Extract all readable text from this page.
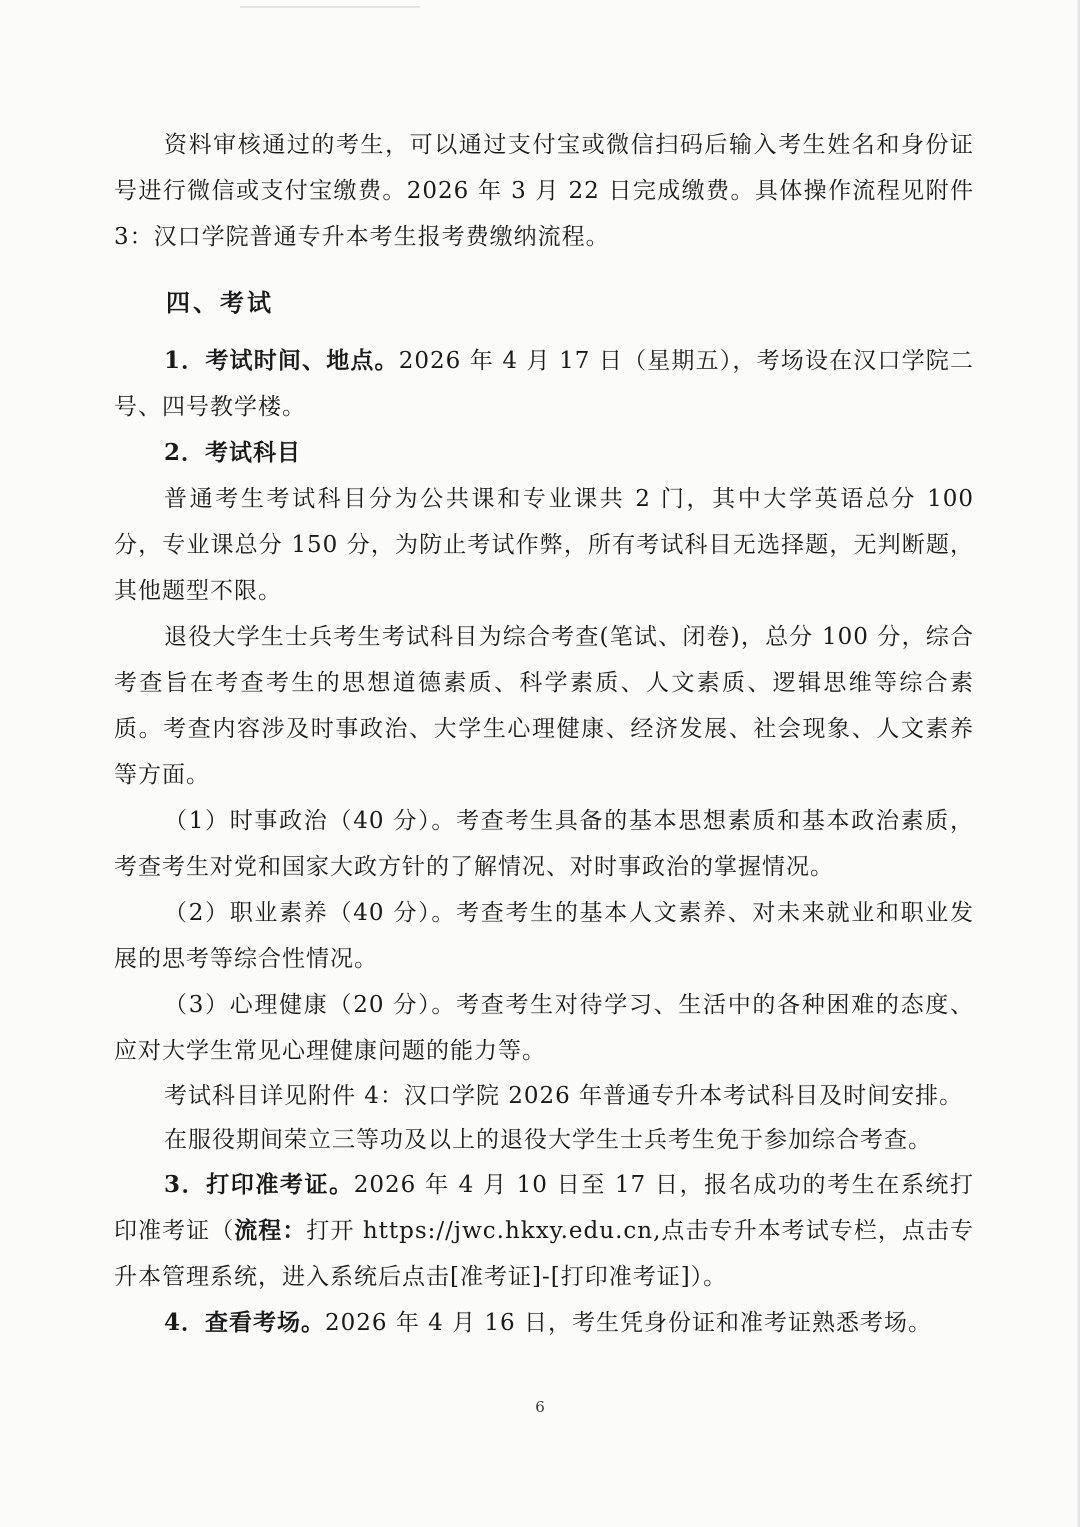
资料审核通过的考生，可以通过支付宝或微信扫码后输入考生姓名和身份证号进行微信或支付宝缴费。2026 年 3 月 22 日完成缴费。具体操作流程见附件 3：汉口学院普通专升本考生报考费缴纳流程。

四、考试

1．考试时间、地点。2026 年 4 月 17 日（星期五），考场设在汉口学院二号、四号教学楼。

2．考试科目

普通考生考试科目分为公共课和专业课共 2 门，其中大学英语总分 100 分，专业课总分 150 分，为防止考试作弊，所有考试科目无选择题，无判断题，其他题型不限。

退役大学生士兵考生考试科目为综合考查(笔试、闭卷)，总分 100 分，综合考查旨在考查考生的思想道德素质、科学素质、人文素质、逻辑思维等综合素质。考查内容涉及时事政治、大学生心理健康、经济发展、社会现象、人文素养等方面。

（1）时事政治（40 分）。考查考生具备的基本思想素质和基本政治素质，考查考生对党和国家大政方针的了解情况、对时事政治的掌握情况。

（2）职业素养（40 分）。考查考生的基本人文素养、对未来就业和职业发展的思考等综合性情况。

（3）心理健康（20 分）。考查考生对待学习、生活中的各种困难的态度、应对大学生常见心理健康问题的能力等。

考试科目详见附件 4：汉口学院 2026 年普通专升本考试科目及时间安排。

在服役期间荣立三等功及以上的退役大学生士兵考生免于参加综合考查。

3．打印准考证。2026 年 4 月 10 日至 17 日，报名成功的考生在系统打印准考证（流程：打开 https://jwc.hkxy.edu.cn,点击专升本考试专栏，点击专升本管理系统，进入系统后点击[准考证]-[打印准考证]）。

4．查看考场。2026 年 4 月 16 日，考生凭身份证和准考证熟悉考场。

6
